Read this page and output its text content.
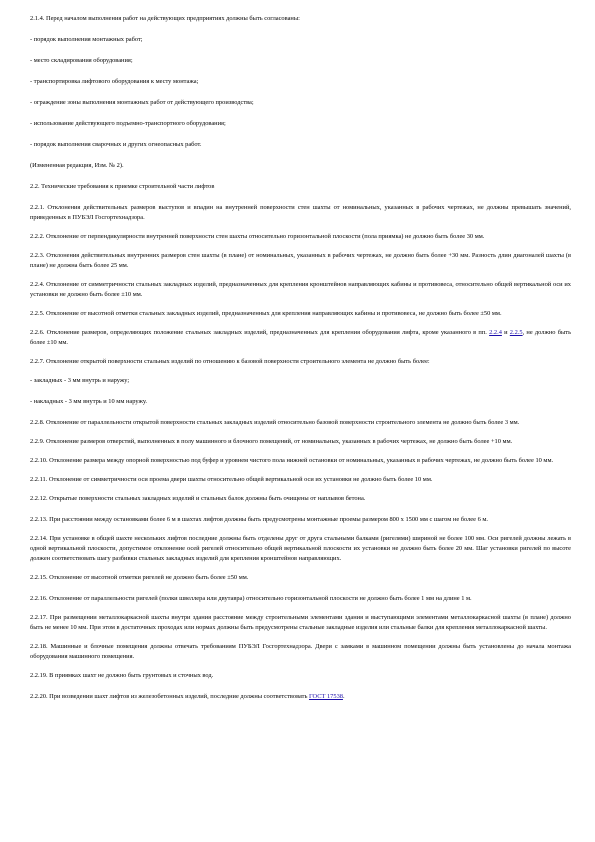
2.1.4. Перед началом выполнения работ на действующих предприятиях должны быть согласованы:

- порядок выполнения монтажных работ;

- место складирования оборудования;

- транспортировка лифтового оборудования к месту монтажа;

- ограждение зоны выполнения монтажных работ от действующего производства;

- использование действующего подъемно-транспортного оборудования;

- порядок выполнения сварочных и других огнеопасных работ.

(Измененная редакция, Изм. № 2).

2.2. Технические требования к приемке строительной части лифтов

2.2.1. Отклонения действительных размеров выступов и впадин на внутренней поверхности стен шахты от номинальных, указанных в рабочих чертежах, не должны превышать значений, приведенных в ПУБЭЛ Госгортехнадзора.

2.2.2. Отклонение от перпендикулярности внутренней поверхности стен шахты относительно горизонтальной плоскости (пола приямка) не должно быть более 30 мм.

2.2.3. Отклонения действительных внутренних размеров стен шахты (в плане) от номинальных, указанных в рабочих чертежах, не должно быть более +30 мм. Разность длин диагоналей шахты (в плане) не должна быть более 25 мм.

2.2.4. Отклонение от симметричности стальных закладных изделий, предназначенных для крепления кронштейнов направляющих кабины и противовеса, относительно общей вертикальной оси их установки не должно быть более ±10 мм.

2.2.5. Отклонение от высотной отметки стальных закладных изделий, предназначенных для крепления направляющих кабины и противовеса, не должно быть более ±50 мм.

2.2.6. Отклонение размеров, определяющих положение стальных закладных изделий, предназначенных для крепления оборудования лифта, кроме указанного в пп. 2.2.4 и 2.2.5, не должно быть более ±10 мм.

2.2.7. Отклонение открытой поверхности стальных изделий по отношению к базовой поверхности строительного элемента не должно быть более:

- закладных - 3 мм внутрь и наружу;

- накладных - 3 мм внутрь и 10 мм наружу.

2.2.8. Отклонение от параллельности открытой поверхности стальных закладных изделий относительно базовой поверхности строительного элемента не должно быть более 3 мм.

2.2.9. Отклонение размеров отверстий, выполненных в полу машинного и блочного помещений, от номинальных, указанных в рабочих чертежах, не должно быть более +10 мм.

2.2.10. Отклонение размера между опорной поверхностью под буфер и уровнем чистого пола нижней остановки от номинальных, указанных в рабочих чертежах, не должно быть более 10 мм.

2.2.11. Отклонение от симметричности оси проема двери шахты относительно общей вертикальной оси их установки не должно быть более 10 мм.

2.2.12. Открытые поверхности стальных закладных изделий и стальных балок должны быть очищены от наплывов бетона.

2.2.13. При расстоянии между остановками более 6 м в шахтах лифтов должны быть предусмотрены монтажные проемы размером 800 х 1500 мм с шагом не более 6 м.

2.2.14. При установке в общей шахте нескольких лифтов последние должны быть отделены друг от друга стальными балками (ригелями) шириной не более 100 мм. Оси ригелей должны лежать в одной вертикальной плоскости, допустимое отклонение осей ригелей относительно общей вертикальной плоскости их установки не должно быть более 20 мм. Шаг установки ригелей по высоте должен соответствовать шагу разбивки стальных закладных изделий для крепления кронштейнов направляющих.

2.2.15. Отклонение от высотной отметки ригелей не должно быть более ±50 мм.

2.2.16. Отклонение от параллельности ригелей (полки швеллера или двутавра) относительно горизонтальной плоскости не должно быть более 1 мм на длине 1 м.

2.2.17. При размещении металлокаркасной шахты внутри здания расстояние между строительными элементами здания и выступающими элементами металлокаркасной шахты (в плане) должно быть не менее 10 мм. При этом в достаточных проходах или нормах должны быть предусмотрены стальные закладные изделия или стальные балки для крепления металлокаркасной шахты.

2.2.18. Машинные и блочные помещения должны отвечать требованиям ПУБЭЛ Госгортехнадзора. Двери с замками в машинном помещении должны быть установлены до начала монтажа оборудования машинного помещения.

2.2.19. В приямках шахт не должно быть грунтовых и сточных вод.

2.2.20. При возведении шахт лифтов из железобетонных изделий, последние должны соответствовать ГОСТ 17538.
